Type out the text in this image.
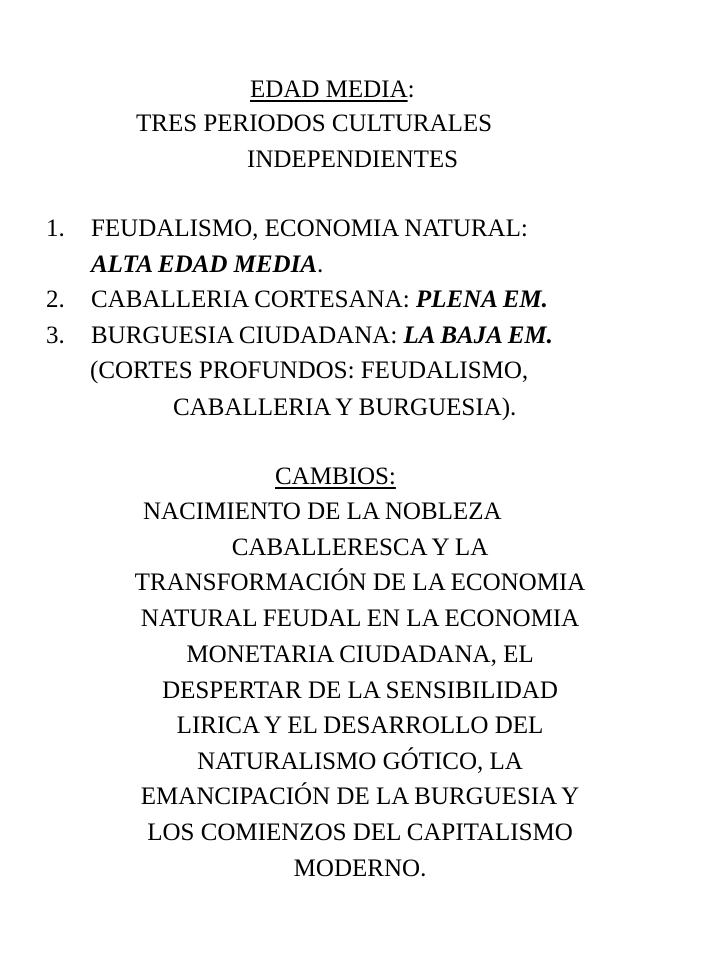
EDAD MEDIA:
TRES PERIODOS CULTURALES
INDEPENDIENTES
1. FEUDALISMO, ECONOMIA NATURAL:
ALTA EDAD MEDIA.
2. CABALLERIA CORTESANA: PLENA EM.
3. BURGUESIA CIUDADANA: LA BAJA EM.
(CORTES PROFUNDOS: FEUDALISMO,
CABALLERIA Y BURGUESIA).
CAMBIOS:
NACIMIENTO DE LA NOBLEZA
CABALLERESCA Y LA
TRANSFORMACIÓN DE LA ECONOMIA
NATURAL FEUDAL EN LA ECONOMIA
MONETARIA CIUDADANA, EL
DESPERTAR DE LA SENSIBILIDAD
LIRICA Y EL DESARROLLO DEL
NATURALISMO GÓTICO, LA
EMANCIPACIÓN DE LA BURGUESIA Y
LOS COMIENZOS DEL CAPITALISMO
MODERNO.
